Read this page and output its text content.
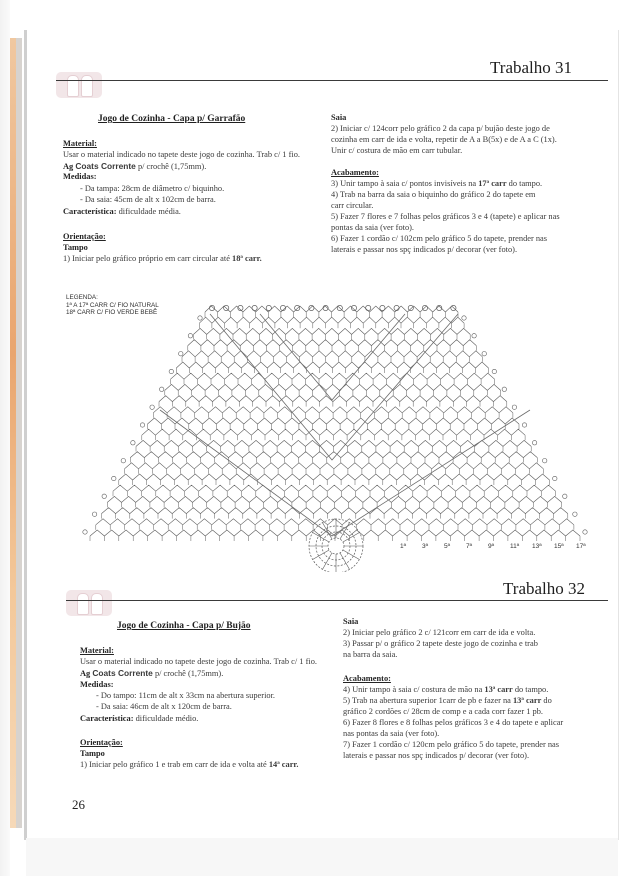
Trabalho 31
Jogo de Cozinha - Capa p/ Garrafão
Material:
Usar o material indicado no tapete deste jogo de cozinha. Trab c/ 1 fio.
Ag Coats Corrente p/ crochê (1,75mm).
Medidas:
- Da tampa: 28cm de diâmetro c/ biquinho.
- Da saia: 45cm de alt x 102cm de barra.
Característica: dificuldade média.
Orientação:
Tampo
1) Iniciar pelo gráfico próprio em carr circular até 18ª carr.
Saia
2) Iniciar c/ 124corr pelo gráfico 2 da capa p/ bujão deste jogo de
cozinha em carr de ida e volta, repetir de A a B(5x) e de A a C (1x).
Unir c/ costura de mão em carr tubular.
Acabamento:
3) Unir tampo à saia c/ pontos invisíveis na 17ª carr do tampo.
4) Trab na barra da saia o biquinho do gráfico 2 do tapete em
carr circular.
5) Fazer 7 flores e 7 folhas pelos gráficos 3 e 4 (tapete) e aplicar nas
pontas da saia (ver foto).
6) Fazer 1 cordão c/ 102cm pelo gráfico 5 do tapete, prender nas
laterais e passar nos spç indicados p/ decorar (ver foto).
LEGENDA:
1ª A 17ª CARR C/ FIO NATURAL
18ª CARR C/ FIO VERDE BEBÊ
1ª 3ª 5ª 7ª 9ª 11ª 13ª 15ª 17ª
Trabalho 32
Jogo de Cozinha - Capa p/ Bujão
Material:
Usar o material indicado no tapete deste jogo de cozinha. Trab c/ 1 fio.
Ag Coats Corrente p/ crochê (1,75mm).
Medidas:
- Do tampo: 11cm de alt x 33cm na abertura superior.
- Da saia: 46cm de alt x 120cm de barra.
Característica: dificuldade médio.
Orientação:
Tampo
1) Iniciar pelo gráfico 1 e trab em carr de ida e volta até 14ª carr.
Saia
2) Iniciar pelo gráfico 2 c/ 121corr em carr de ida e volta.
3) Passar p/ o gráfico 2 tapete deste jogo de cozinha e trab
na barra da saia.
Acabamento:
4) Unir tampo à saia c/ costura de mão na 13ª carr do tampo.
5) Trab na abertura superior 1carr de pb e fazer na 13ª carr do
gráfico 2 cordões c/ 28cm de comp e a cada corr fazer 1 pb.
6) Fazer 8 flores e 8 folhas pelos gráficos 3 e 4 do tapete e aplicar
nas pontas da saia (ver foto).
7) Fazer 1 cordão c/ 120cm pelo gráfico 5 do tapete, prender nas
laterais e passar nos spç indicados p/ decorar (ver foto).
26
